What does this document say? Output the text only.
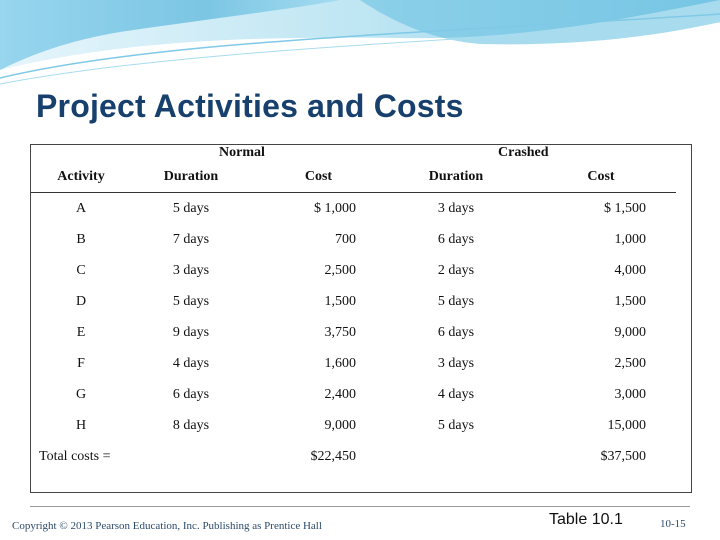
Project Activities and Costs
	Normal		Crashed	
Activity	Duration	Cost	Duration	Cost
A	5 days	$ 1,000	3 days	$ 1,500
B	7 days	700	6 days	1,000
C	3 days	2,500	2 days	4,000
D	5 days	1,500	5 days	1,500
E	9 days	3,750	6 days	9,000
F	4 days	1,600	3 days	2,500
G	6 days	2,400	4 days	3,000
H	8 days	9,000	5 days	15,000
Total costs =		$22,450		$37,500
Copyright © 2013 Pearson Education, Inc. Publishing as Prentice Hall	Table 10.1	10-15
